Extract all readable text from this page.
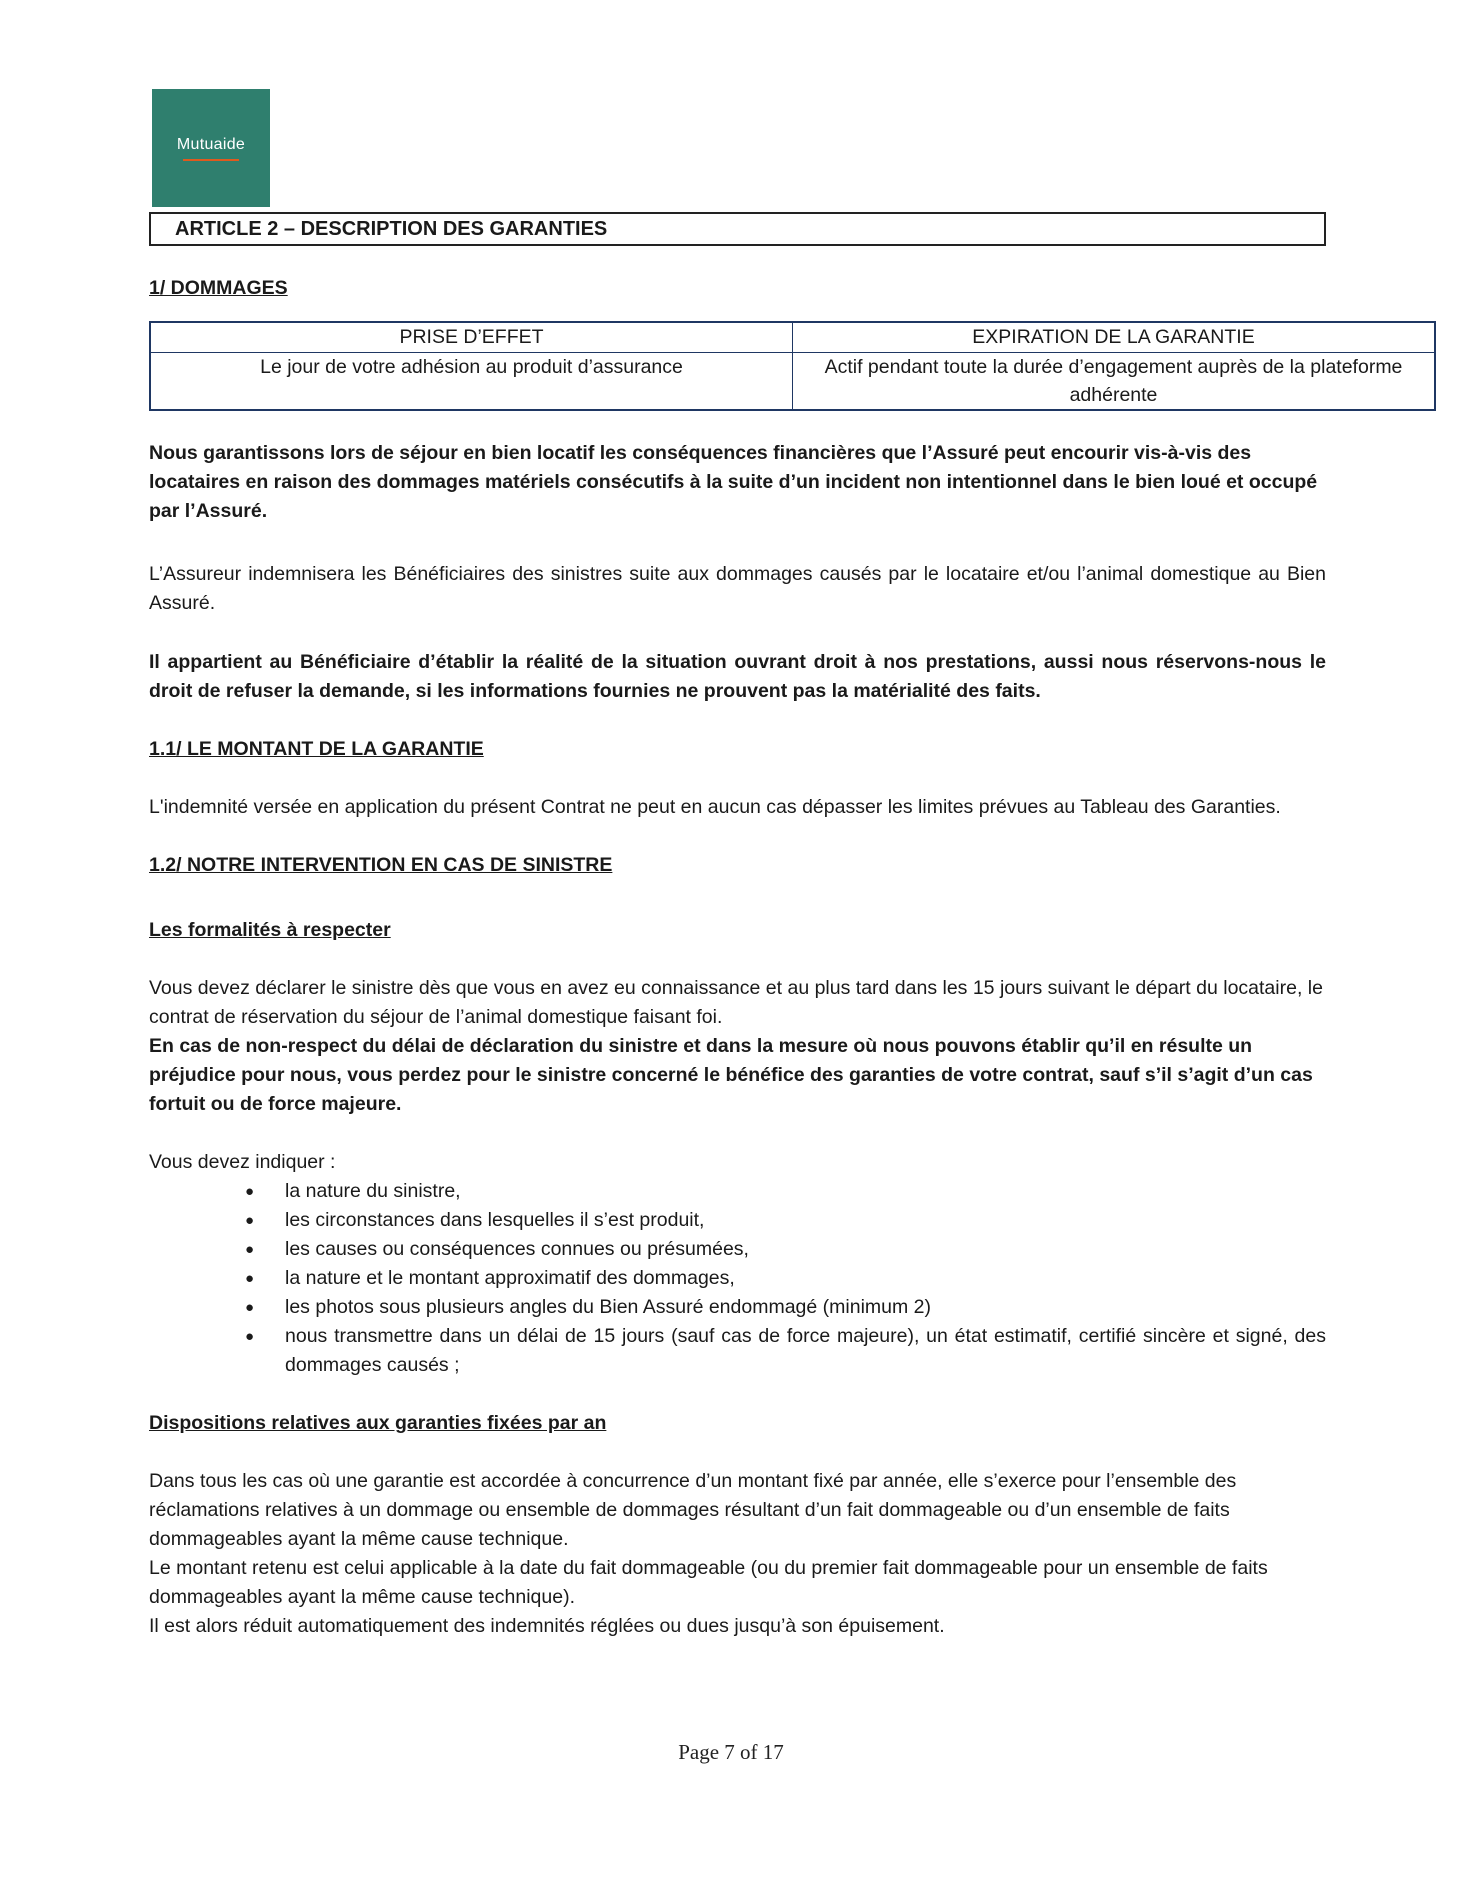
Mutuaide
ARTICLE 2 – DESCRIPTION DES GARANTIES
1/ DOMMAGES
PRISE D’EFFET	EXPIRATION DE LA GARANTIE
Le jour de votre adhésion au produit d’assurance	Actif pendant toute la durée d’engagement auprès de la plateforme adhérente

Nous garantissons lors de séjour en bien locatif les conséquences financières que l’Assuré peut encourir vis-à-vis des locataires en raison des dommages matériels consécutifs à la suite d’un incident non intentionnel dans le bien loué et occupé par l’Assuré.

L’Assureur indemnisera les Bénéficiaires des sinistres suite aux dommages causés par le locataire et/ou l’animal domestique au Bien Assuré.

Il appartient au Bénéficiaire d’établir la réalité de la situation ouvrant droit à nos prestations, aussi nous réservons-nous le droit de refuser la demande, si les informations fournies ne prouvent pas la matérialité des faits.

1.1/ LE MONTANT DE LA GARANTIE

L'indemnité versée en application du présent Contrat ne peut en aucun cas dépasser les limites prévues au Tableau des Garanties.

1.2/ NOTRE INTERVENTION EN CAS DE SINISTRE
Les formalités à respecter

Vous devez déclarer le sinistre dès que vous en avez eu connaissance et au plus tard dans les 15 jours suivant le départ du locataire, le contrat de réservation du séjour de l’animal domestique faisant foi.

En cas de non-respect du délai de déclaration du sinistre et dans la mesure où nous pouvons établir qu’il en résulte un préjudice pour nous, vous perdez pour le sinistre concerné le bénéfice des garanties de votre contrat, sauf s’il s’agit d’un cas fortuit ou de force majeure.

Vous devez indiquer :

● la nature du sinistre,
● les circonstances dans lesquelles il s’est produit,
● les causes ou conséquences connues ou présumées,
● la nature et le montant approximatif des dommages,
● les photos sous plusieurs angles du Bien Assuré endommagé (minimum 2)
● nous transmettre dans un délai de 15 jours (sauf cas de force majeure), un état estimatif, certifié sincère et signé, des dommages causés ;
Dispositions relatives aux garanties fixées par an

Dans tous les cas où une garantie est accordée à concurrence d’un montant fixé par année, elle s’exerce pour l’ensemble des réclamations relatives à un dommage ou ensemble de dommages résultant d’un fait dommageable ou d’un ensemble de faits dommageables ayant la même cause technique.

Le montant retenu est celui applicable à la date du fait dommageable (ou du premier fait dommageable pour un ensemble de faits dommageables ayant la même cause technique).

Il est alors réduit automatiquement des indemnités réglées ou dues jusqu’à son épuisement.

Page 7 of 17
